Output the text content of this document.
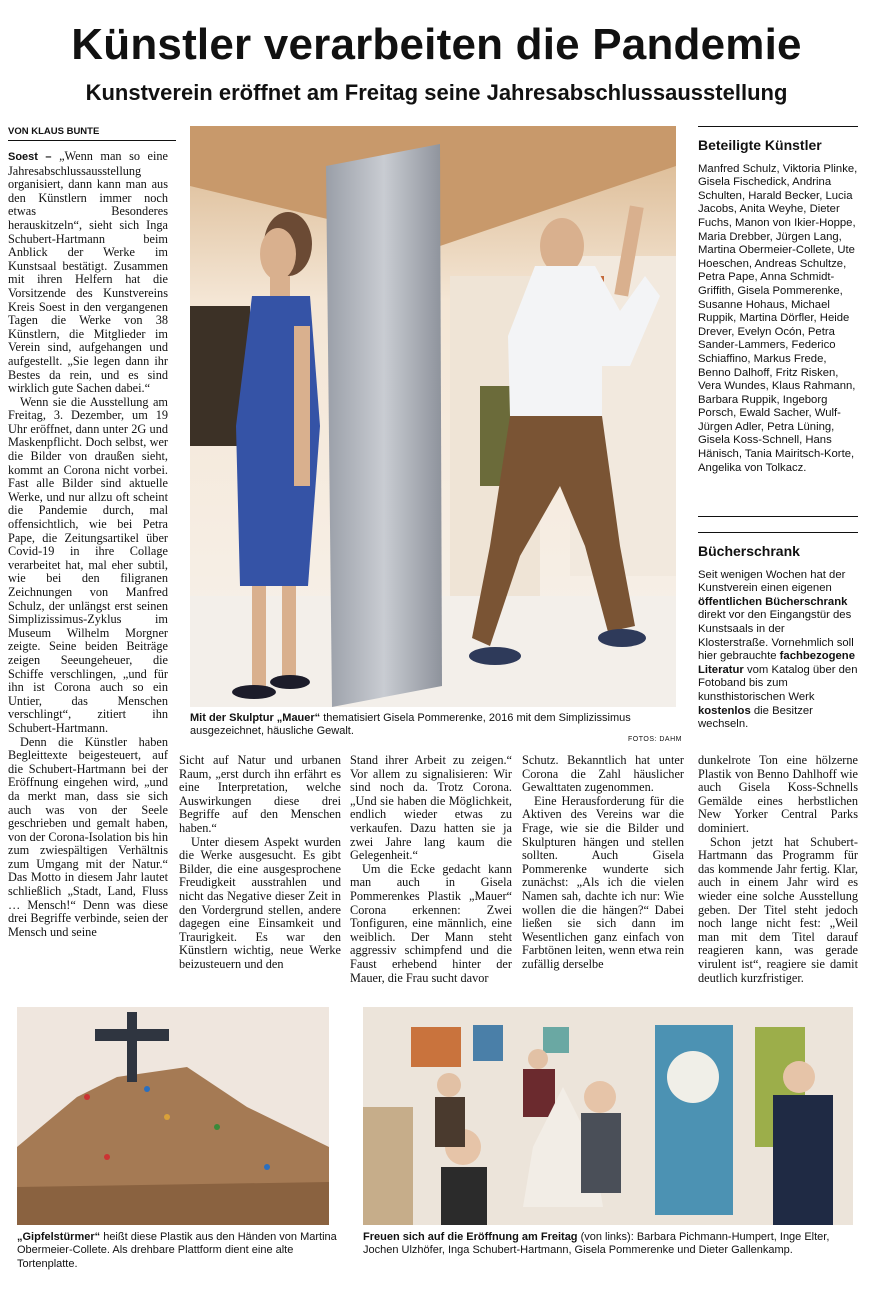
Künstler verarbeiten die Pandemie
Kunstverein eröffnet am Freitag seine Jahresabschlussausstellung
VON KLAUS BUNTE

Soest – „Wenn man so eine Jahresabschlussausstellung organisiert, dann kann man aus den Künstlern immer noch etwas Besonderes herauskitzeln“, sieht sich Inga Schubert-Hartmann beim Anblick der Werke im Kunstsaal bestätigt. Zusammen mit ihren Helfern hat die Vorsitzende des Kunstvereins Kreis Soest in den vergangenen Tagen die Werke von 38 Künstlern, die Mitglieder im Verein sind, aufgehangen und aufgestellt. „Sie legen dann ihr Bestes da rein, und es sind wirklich gute Sachen dabei.“

Wenn sie die Ausstellung am Freitag, 3. Dezember, um 19 Uhr eröffnet, dann unter 2G und Maskenpflicht. Doch selbst, wer die Bilder von draußen sieht, kommt an Corona nicht vorbei. Fast alle Bilder sind aktuelle Werke, und nur allzu oft scheint die Pandemie durch, mal offensichtlich, wie bei Petra Pape, die Zeitungsartikel über Covid-19 in ihre Collage verarbeitet hat, mal eher subtil, wie bei den filigranen Zeichnungen von Manfred Schulz, der unlängst erst seinen Simplizissimus-Zyklus im Museum Wilhelm Morgner zeigte. Seine beiden Beiträge zeigen Seeungeheuer, die Schiffe verschlingen, „und für ihn ist Corona auch so ein Untier, das Menschen verschlingt“, zitiert ihn Schubert-Hartmann.

Denn die Künstler haben Begleittexte beigesteuert, auf die Schubert-Hartmann bei der Eröffnung eingehen wird, „und da merkt man, dass sie sich auch was von der Seele geschrieben und gemalt haben, von der Corona-Isolation bis hin zum zwiespältigen Verhältnis zum Umgang mit der Natur.“ Das Motto in diesem Jahr lautet schließlich „Stadt, Land, Fluss … Mensch!“ Denn was diese drei Begriffe verbinde, seien der Mensch und seine

Mit der Skulptur „Mauer“ thematisiert Gisela Pommerenke, 2016 mit dem Simplizissimus ausgezeichnet, häusliche Gewalt.
FOTOS: DAHM

Sicht auf Natur und urbanen Raum, „erst durch ihn erfährt es eine Interpretation, welche Auswirkungen diese drei Begriffe auf den Menschen haben.“

Unter diesem Aspekt wurden die Werke ausgesucht. Es gibt Bilder, die eine ausgesprochene Freudigkeit ausstrahlen und nicht das Negative dieser Zeit in den Vordergrund stellen, andere dagegen eine Einsamkeit und Traurigkeit. Es war den Künstlern wichtig, neue Werke beizusteuern und den

Stand ihrer Arbeit zu zeigen.“ Vor allem zu signalisieren: Wir sind noch da. Trotz Corona. „Und sie haben die Möglichkeit, endlich wieder etwas zu verkaufen. Dazu hatten sie ja zwei Jahre lang kaum die Gelegenheit.“

Um die Ecke gedacht kann man auch in Gisela Pommerenkes Plastik „Mauer“ Corona erkennen: Zwei Tonfiguren, eine männlich, eine weiblich. Der Mann steht aggressiv schimpfend und die Faust erhebend hinter der Mauer, die Frau sucht davor

Schutz. Bekanntlich hat unter Corona die Zahl häuslicher Gewalttaten zugenommen.

Eine Herausforderung für die Aktiven des Vereins war die Frage, wie sie die Bilder und Skulpturen hängen und stellen sollten. Auch Gisela Pommerenke wunderte sich zunächst: „Als ich die vielen Namen sah, dachte ich nur: Wie wollen die die hängen?“ Dabei ließen sie sich dann im Wesentlichen ganz einfach von Farbtönen leiten, wenn etwa rein zufällig derselbe

Beteiligte Künstler
Manfred Schulz, Viktoria Plinke, Gisela Fischedick, Andrina Schulten, Harald Becker, Lucia Jacobs, Anita Weyhe, Dieter Fuchs, Manon von Ikier-Hoppe, Maria Drebber, Jürgen Lang, Martina Obermeier-Collete, Ute Hoeschen, Andreas Schultze, Petra Pape, Anna Schmidt-Griffith, Gisela Pommerenke, Susanne Hohaus, Michael Ruppik, Martina Dörfler, Heide Drever, Evelyn Ocón, Petra Sander-Lammers, Federico Schiaffino, Markus Frede, Benno Dalhoff, Fritz Risken, Vera Wundes, Klaus Rahmann, Barbara Ruppik, Ingeborg Porsch, Ewald Sacher, Wulf-Jürgen Adler, Petra Lüning, Gisela Koss-Schnell, Hans Hänisch, Tania Mairitsch-Korte, Angelika von Tolkacz.
Bücherschrank
Seit wenigen Wochen hat der Kunstverein einen eigenen öffentlichen Bücherschrank direkt vor den Eingangstür des Kunstsaals in der Klosterstraße. Vornehmlich soll hier gebrauchte fachbezogene Literatur vom Katalog über den Fotoband bis zum kunsthistorischen Werk kostenlos die Besitzer wechseln.

dunkelrote Ton eine hölzerne Plastik von Benno Dahlhoff wie auch Gisela Koss-Schnells Gemälde eines herbstlichen New Yorker Central Parks dominiert.

Schon jetzt hat Schubert-Hartmann das Programm für das kommende Jahr fertig. Klar, auch in einem Jahr wird es wieder eine solche Ausstellung geben. Der Titel steht jedoch noch lange nicht fest: „Weil man mit dem Titel darauf reagieren kann, was gerade virulent ist“, reagiere sie damit deutlich kurzfristiger.

„Gipfelstürmer“ heißt diese Plastik aus den Händen von Martina Obermeier-Collete. Als drehbare Plattform dient eine alte Tortenplatte.
Freuen sich auf die Eröffnung am Freitag (von links): Barbara Pichmann-Humpert, Inge Elter, Jochen Ulzhöfer, Inga Schubert-Hartmann, Gisela Pommerenke und Dieter Gallenkamp.
